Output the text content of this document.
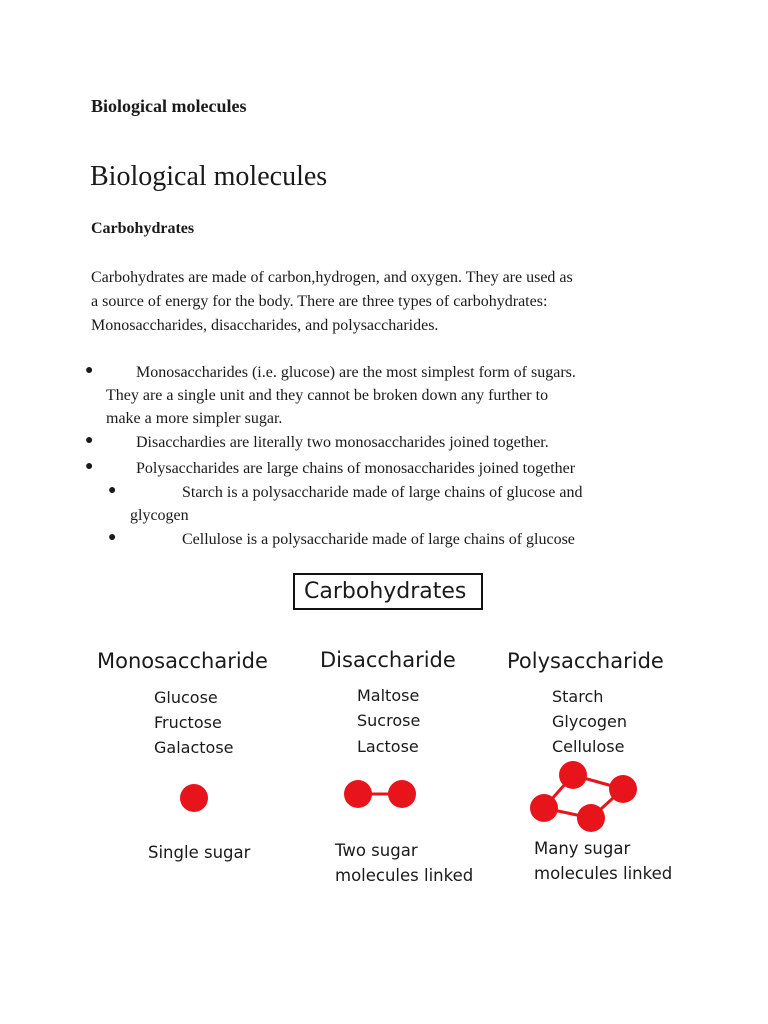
Biological molecules
Biological molecules
Carbohydrates
Carbohydrates are made of carbon,hydrogen, and oxygen. They are used as
a source of energy for the body. There are three types of carbohydrates:
Monosaccharides, disaccharides, and polysaccharides.
●	Monosaccharides (i.e. glucose) are the most simplest form of sugars.
They are a single unit and they cannot be broken down any further to
make a more simpler sugar.
●	Disacchardies are literally two monosaccharides joined together.
●	Polysaccharides are large chains of monosaccharides joined together
●	Starch is a polysaccharide made of large chains of glucose and
glycogen
●	Cellulose is a polysaccharide made of large chains of glucose
Carbohydrates
Monosaccharide
Glucose
Fructose
Galactose
Single sugar
Disaccharide
Maltose
Sucrose
Lactose
Two sugar
molecules linked
Polysaccharide
Starch
Glycogen
Cellulose
Many sugar
molecules linked
